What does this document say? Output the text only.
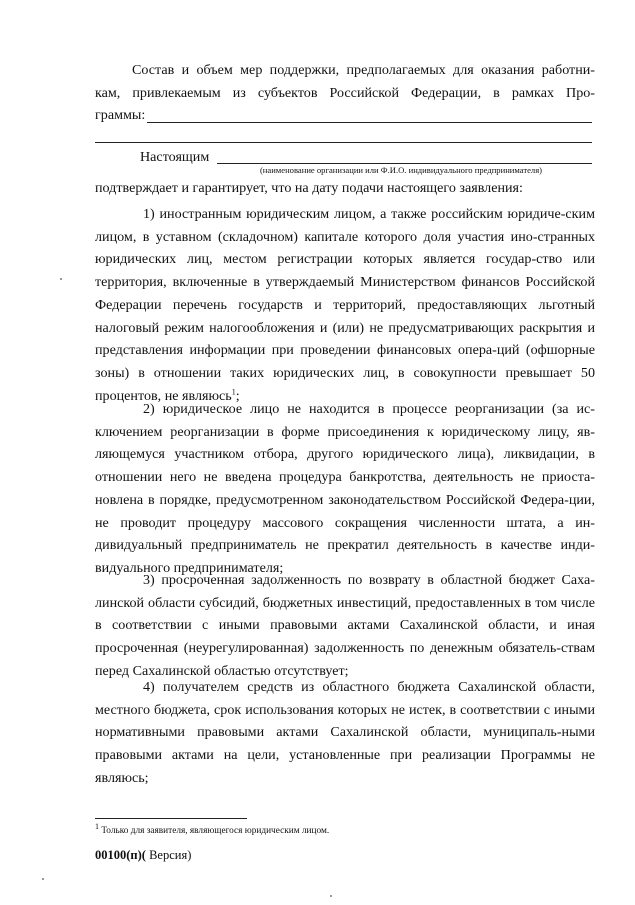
Состав и объем мер поддержки, предполагаемых для оказания работни-
кам, привлекаемым из субъектов Российской Федерации, в рамках Про-
граммы:
Настоящим
(наименование организации или Ф.И.О. индивидуального предпринимателя)
подтверждает и гарантирует, что на дату подачи настоящего заявления:
1) иностранным юридическим лицом, а также российским юридиче-ским лицом, в уставном (складочном) капитале которого доля участия ино-странных юридических лиц, местом регистрации которых является государ-ство или территория, включенные в утверждаемый Министерством финансов Российской Федерации перечень государств и территорий, предоставляющих льготный налоговый режим налогообложения и (или) не предусматривающих раскрытия и представления информации при проведении финансовых опера-ций (офшорные зоны) в отношении таких юридических лиц, в совокупности превышает 50 процентов, не являюсь$^1$;
2) юридическое лицо не находится в процессе реорганизации (за ис-ключением реорганизации в форме присоединения к юридическому лицу, яв-ляющемуся участником отбора, другого юридического лица), ликвидации, в отношении него не введена процедура банкротства, деятельность не приоста-новлена в порядке, предусмотренном законодательством Российской Федера-ции, не проводит процедуру массового сокращения численности штата, а ин-дивидуальный предприниматель не прекратил деятельность в качестве инди-видуального предпринимателя;
3) просроченная задолженность по возврату в областной бюджет Саха-линской области субсидий, бюджетных инвестиций, предоставленных в том числе в соответствии с иными правовыми актами Сахалинской области, и иная просроченная (неурегулированная) задолженность по денежным обязатель-ствам перед Сахалинской областью отсутствует;
4) получателем средств из областного бюджета Сахалинской области, местного бюджета, срок использования которых не истек, в соответствии с иными нормативными правовыми актами Сахалинской области, муниципаль-ными правовыми актами на цели, установленные при реализации Программы не являюсь;
$^1$ Только для заявителя, являющегося юридическим лицом.
00100(п)( Версия)
